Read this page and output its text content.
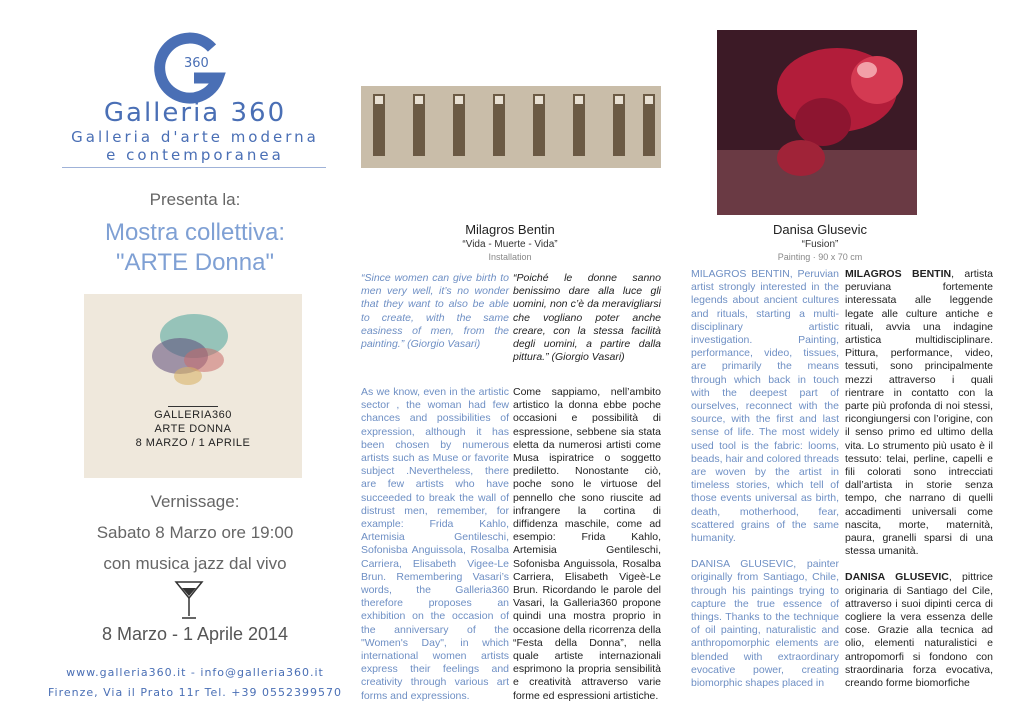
360
Galleria 360
Galleria d'arte moderna
e contemporanea
Presenta la:
Mostra collettiva:
"ARTE Donna"
GALLERIA360
ARTE DONNA
8 MARZO / 1 APRILE
Vernissage:
Sabato 8 Marzo ore 19:00
con musica jazz dal vivo
8 Marzo - 1 Aprile 2014
www.galleria360.it - info@galleria360.it
Firenze, Via il Prato 11r Tel. +39 0552399570
Milagros Bentin
“Vida - Muerte - Vida”
Installation
Danisa Glusevic
“Fusion”
Painting · 90 x 70 cm
“Since women can give birth to men very well, it’s no wonder that they want to also be able to create, with the same easiness of men, from the painting.” (Giorgio Vasari)
“Poiché le donne sanno benissimo dare alla luce gli uomini, non c’è da meravigliarsi che vogliano poter anche creare, con la stessa facilità degli uomini, a partire dalla pittura.” (Giorgio Vasari)
As we know, even in the artistic sector , the woman had few chances and possibilities of expression, although it has been chosen by numerous artists such as Muse or favorite subject .Nevertheless, there are few artists who have succeeded to break the wall of distrust men, remember, for example: Frida Kahlo, Artemisia Gentileschi, Sofonisba Anguissola, Rosalba Carriera, Elisabeth Vigee-Le Brun. Remembering Vasari’s words, the Galleria360 therefore proposes an exhibition on the occasion of the anniversary of the "Women's Day", in which international women artists express their feelings and creativity through various art forms and expressions.
Come sappiamo, nell’ambito artistico la donna ebbe poche occasioni e possibilità di espressione, sebbene sia stata eletta da numerosi artisti come Musa ispiratrice o soggetto prediletto. Nonostante ciò, poche sono le virtuose del pennello che sono riuscite ad infrangere la cortina di diffidenza maschile, come ad esempio: Frida Kahlo, Artemisia Gentileschi, Sofonisba Anguissola, Rosalba Carriera, Elisabeth Vigeè-Le Brun. Ricordando le parole del Vasari, la Galleria360 propone quindi una mostra proprio in occasione della ricorrenza della “Festa della Donna”, nella quale artiste internazionali esprimono la propria sensibilità e creatività attraverso varie forme ed espressioni artistiche.

MILAGROS BENTIN, Peruvian artist strongly interested in the legends about ancient cultures and rituals, starting a multi-disciplinary artistic investigation. Painting, performance, video, tissues, are primarily the means through which back in touch with the deepest part of ourselves, reconnect with the source, with the first and last sense of life. The most widely used tool is the fabric: looms, beads, hair and colored threads are woven by the artist in timeless stories, which tell of those events universal as birth, death, motherhood, fear, scattered grains of the same humanity.

DANISA GLUSEVIC, painter originally from Santiago, Chile, through his paintings trying to capture the true essence of things. Thanks to the technique of oil painting, naturalistic and anthropomorphic elements are blended with extraordinary evocative power, creating biomorphic shapes placed in

MILAGROS BENTIN, artista peruviana fortemente interessata alle leggende legate alle culture antiche e rituali, avvia una indagine artistica multidisciplinare. Pittura, performance, video, tessuti, sono principalmente mezzi attraverso i quali rientrare in contatto con la parte più profonda di noi stessi, ricongiungersi con l’origine, con il senso primo ed ultimo della vita. Lo strumento più usato è il tessuto: telai, perline, capelli e fili colorati sono intrecciati dall’artista in storie senza tempo, che narrano di quelli accadimenti universali come nascita, morte, maternità, paura, granelli sparsi di una stessa umanità.

DANISA GLUSEVIC, pittrice originaria di Santiago del Cile, attraverso i suoi dipinti cerca di cogliere la vera essenza delle cose. Grazie alla tecnica ad olio, elementi naturalistici e antropomorfi si fondono con straordinaria forza evocativa, creando forme biomorfiche
